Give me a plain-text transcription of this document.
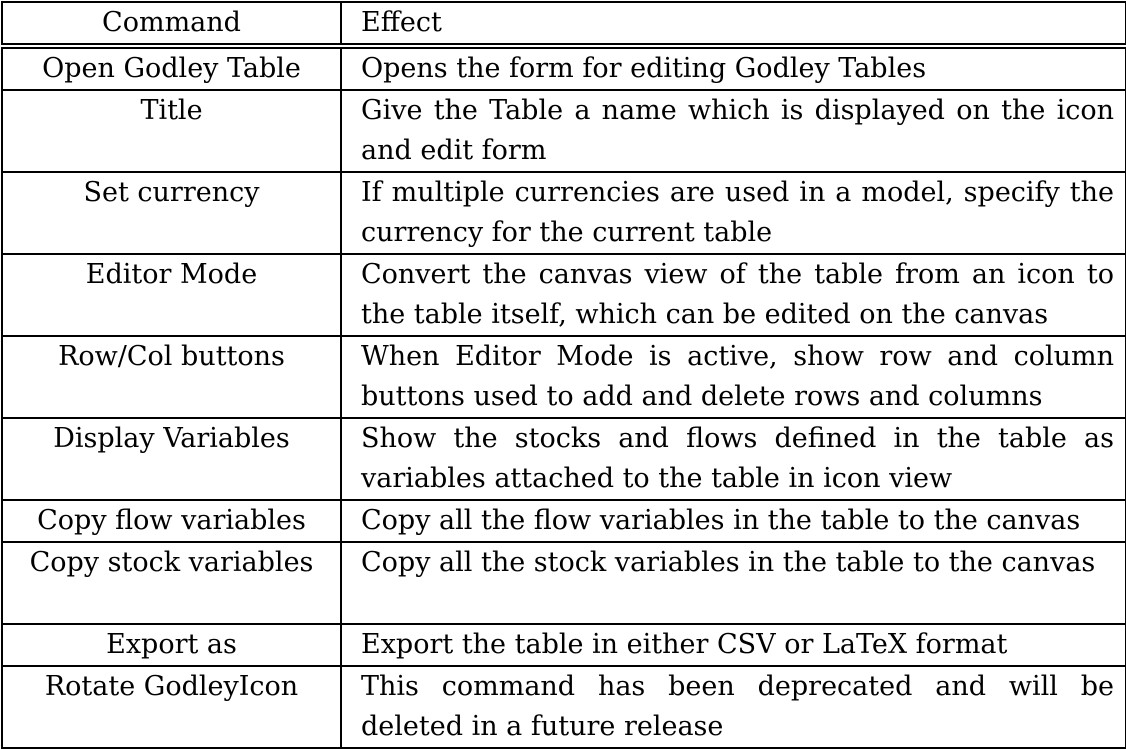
Command	Effect
Open Godley Table	Opens the form for editing Godley Tables
Title	Give the Table a name which is displayed on the icon and edit form
Set currency	If multiple currencies are used in a model, specify the currency for the current table
Editor Mode	Convert the canvas view of the table from an icon to the table itself, which can be edited on the canvas
Row/Col buttons	When Editor Mode is active, show row and column buttons used to add and delete rows and columns
Display Variables	Show the stocks and flows defined in the table as variables attached to the table in icon view
Copy flow variables	Copy all the flow variables in the table to the canvas
Copy stock variables	Copy all the stock variables in the table to the canvas
Export as	Export the table in either CSV or LaTeX format
Rotate GodleyIcon	This command has been deprecated and will be deleted in a future release
